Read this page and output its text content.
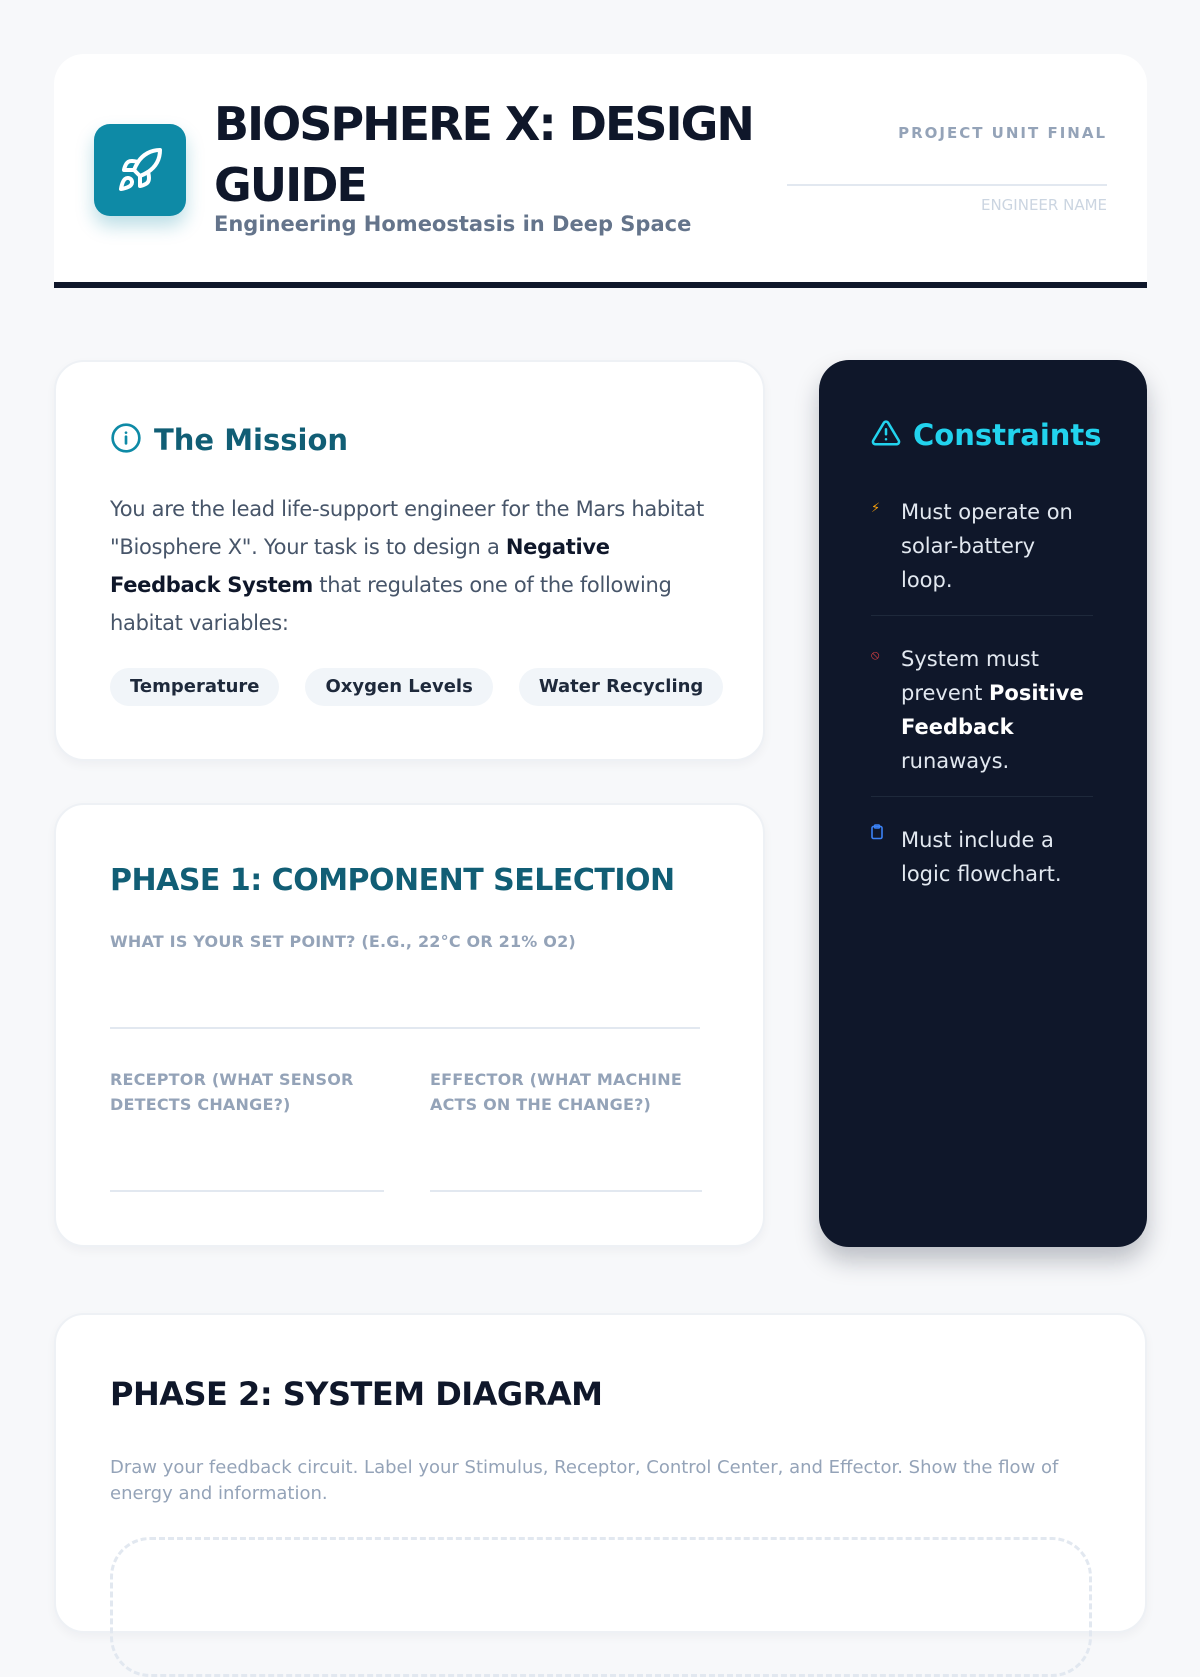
BIOSPHERE X: DESIGN GUIDE

Engineering Homeostasis in Deep Space

PROJECT UNIT FINAL
ENGINEER NAME
The Mission

You are the lead life-support engineer for the Mars habitat "Biosphere X". Your task is to design a Negative Feedback System that regulates one of the following habitat variables:

Temperature	Oxygen Levels	Water Recycling
Constraints
⚡ Must operate on solar-battery loop.
⦸ System must prevent Positive Feedback runaways.
Must include a logic flowchart.
PHASE 1: COMPONENT SELECTION
WHAT IS YOUR SET POINT? (E.G., 22°C OR 21% O2)
RECEPTOR (WHAT SENSOR DETECTS CHANGE?)
EFFECTOR (WHAT MACHINE ACTS ON THE CHANGE?)
PHASE 2: SYSTEM DIAGRAM

Draw your feedback circuit. Label your Stimulus, Receptor, Control Center, and Effector. Show the flow of energy and information.
